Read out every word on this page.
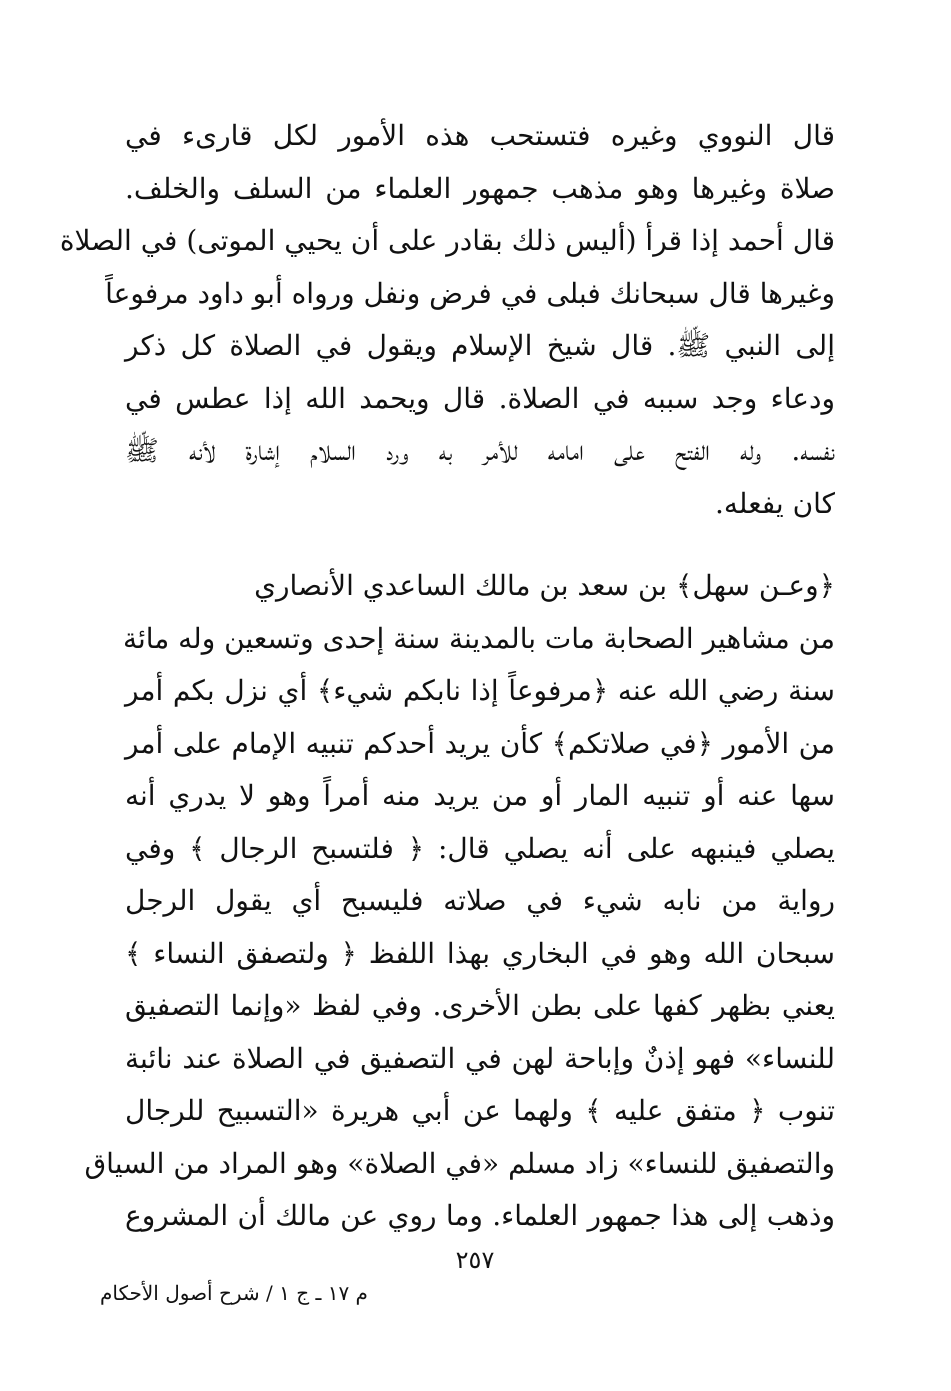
قال النووي وغيره فتستحب هذه الأمور لكل قارىء في
صلاة وغيرها وهو مذهب جمهور العلماء من السلف والخلف.
قال أحمد إذا قرأ (أليس ذلك بقادر على أن يحيي الموتى) في الصلاة
وغيرها قال سبحانك فبلى في فرض ونفل ورواه أبو داود مرفوعاً
إلى النبي ﷺ. قال شيخ الإسلام ويقول في الصلاة كل ذكر
ودعاء وجد سببه في الصلاة. قال ويحمد الله إذا عطس في
نفسه. وله الفتح على امامه للأمر به ورد السلام إشارة لأنه ﷺ
كان يفعله.
﴿وعـن سهل﴾ بن سعد بن مالك الساعدي الأنصاري
من مشاهير الصحابة مات بالمدينة سنة إحدى وتسعين وله مائة
سنة رضي الله عنه ﴿مرفوعاً إذا نابكم شيء﴾ أي نزل بكم أمر
من الأمور ﴿في صلاتكم﴾ كأن يريد أحدكم تنبيه الإمام على أمر
سها عنه أو تنبيه المار أو من يريد منه أمراً وهو لا يدري أنه
يصلي فينبهه على أنه يصلي قال: ﴿ فلتسبح الرجال ﴾ وفي
رواية من نابه شيء في صلاته فليسبح أي يقول الرجل
سبحان الله وهو في البخاري بهذا اللفظ ﴿ ولتصفق النساء ﴾
يعني بظهر كفها على بطن الأخرى. وفي لفظ «وإنما التصفيق
للنساء» فهو إذنٌ وإباحة لهن في التصفيق في الصلاة عند نائبة
تنوب ﴿ متفق عليه ﴾ ولهما عن أبي هريرة «التسبيح للرجال
والتصفيق للنساء» زاد مسلم «في الصلاة» وهو المراد من السياق
وذهب إلى هذا جمهور العلماء. وما روي عن مالك أن المشروع
٢٥٧
م ١٧ ـ ج ١ / شرح أصول الأحكام
